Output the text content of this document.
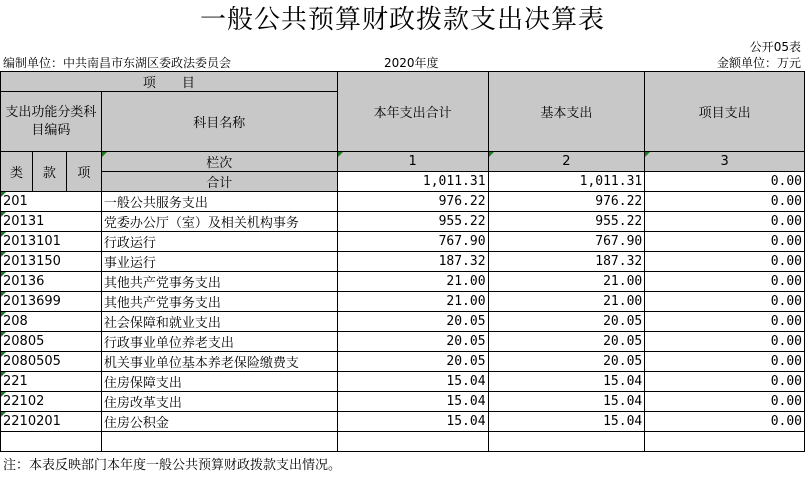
一般公共预算财政拨款支出决算表
公开05表
编制单位：中共南昌市东湖区委政法委员会	2020年度	金额单位：万元
项　　目				本年支出合计	基本支出	项目支出
支出功能分类科目编码			科目名称			

类	款	项	栏次	1	2	3
			合计	1,011.31	1,011.31	0.00
201			一般公共服务支出	976.22	976.22	0.00
20131			党委办公厅（室）及相关机构事务	955.22	955.22	0.00
2013101			行政运行	767.90	767.90	0.00
2013150			事业运行	187.32	187.32	0.00
20136			其他共产党事务支出	21.00	21.00	0.00
2013699			其他共产党事务支出	21.00	21.00	0.00
208			社会保障和就业支出	20.05	20.05	0.00
20805			行政事业单位养老支出	20.05	20.05	0.00
2080505			机关事业单位基本养老保险缴费支	20.05	20.05	0.00
221			住房保障支出	15.04	15.04	0.00
22102			住房改革支出	15.04	15.04	0.00
2210201			住房公积金	15.04	15.04	0.00

注：本表反映部门本年度一般公共预算财政拨款支出情况。
